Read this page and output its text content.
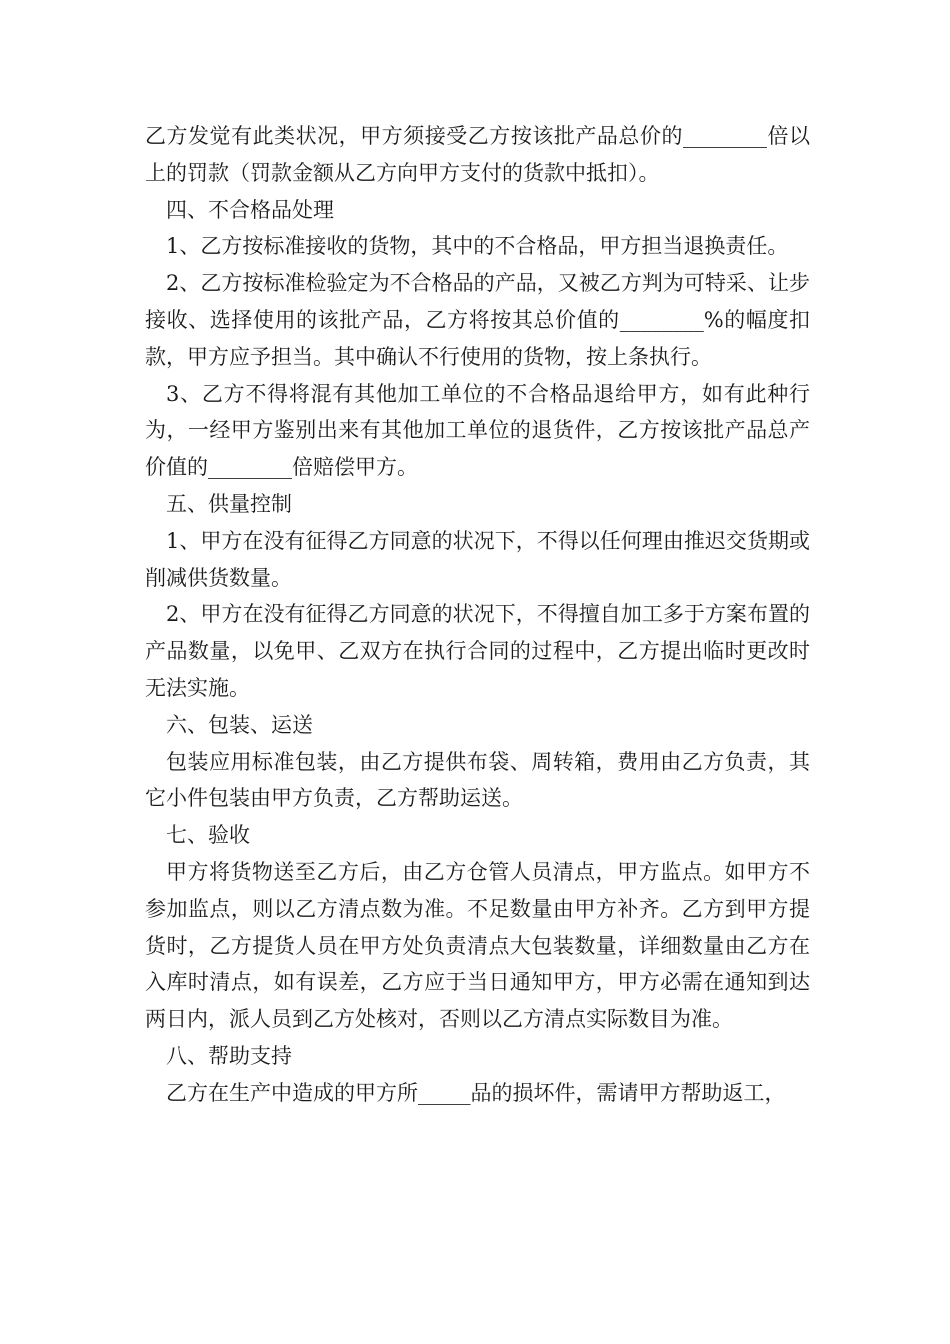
乙方发觉有此类状况，甲方须接受乙方按该批产品总价的________倍以上的罚款（罚款金额从乙方向甲方支付的货款中抵扣）。

四、不合格品处理

1、乙方按标准接收的货物，其中的不合格品，甲方担当退换责任。

2、乙方按标准检验定为不合格品的产品，又被乙方判为可特采、让步接收、选择使用的该批产品，乙方将按其总价值的________%的幅度扣款，甲方应予担当。其中确认不行使用的货物，按上条执行。

3、乙方不得将混有其他加工单位的不合格品退给甲方，如有此种行为，一经甲方鉴别出来有其他加工单位的退货件，乙方按该批产品总产价值的________倍赔偿甲方。

五、供量控制

1、甲方在没有征得乙方同意的状况下，不得以任何理由推迟交货期或削减供货数量。

2、甲方在没有征得乙方同意的状况下，不得擅自加工多于方案布置的产品数量，以免甲、乙双方在执行合同的过程中，乙方提出临时更改时无法实施。

六、包装、运送

包装应用标准包装，由乙方提供布袋、周转箱，费用由乙方负责，其它小件包装由甲方负责，乙方帮助运送。

七、验收

甲方将货物送至乙方后，由乙方仓管人员清点，甲方监点。如甲方不参加监点，则以乙方清点数为准。不足数量由甲方补齐。乙方到甲方提货时，乙方提货人员在甲方处负责清点大包装数量，详细数量由乙方在入库时清点，如有误差，乙方应于当日通知甲方，甲方必需在通知到达两日内，派人员到乙方处核对，否则以乙方清点实际数目为准。

八、帮助支持

乙方在生产中造成的甲方所_____品的损坏件，需请甲方帮助返工，
